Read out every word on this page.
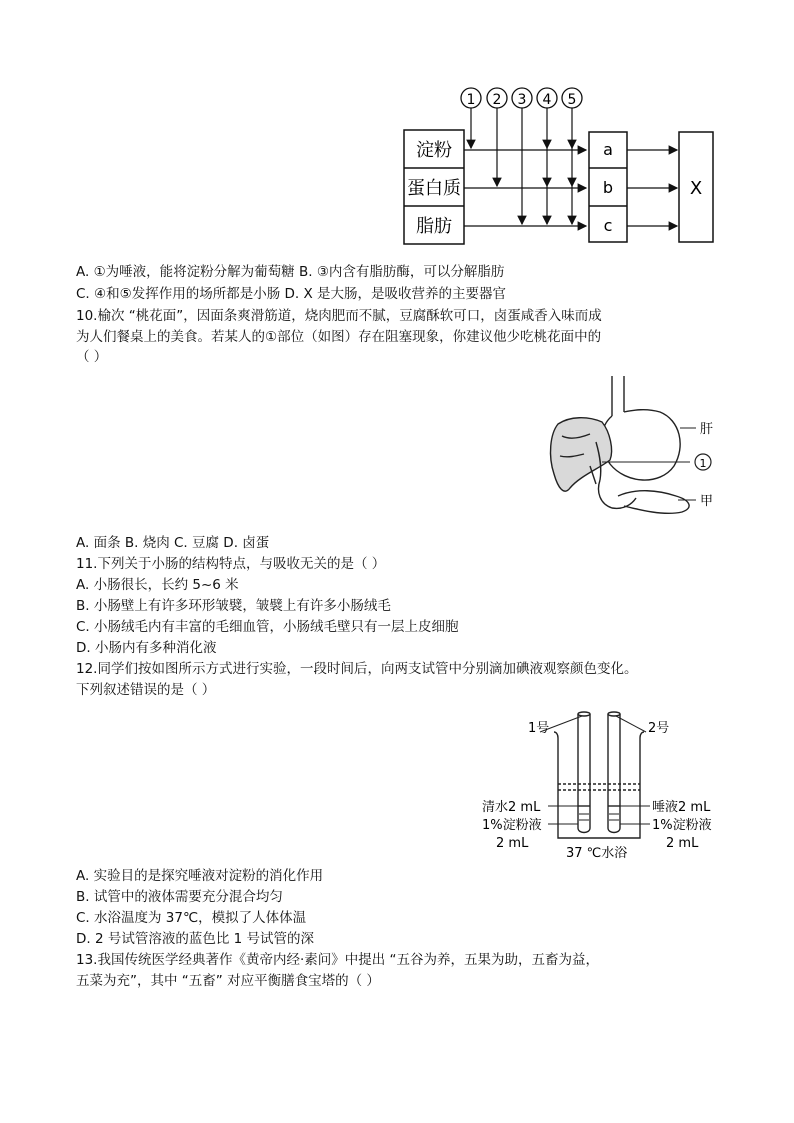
1 2 3 4 5
淀粉
蛋白质
脂肪
a
b
c
X
A. ①为唾液，能将淀粉分解为葡萄糖 B. ③内含有脂肪酶，可以分解脂肪
C. ④和⑤发挥作用的场所都是小肠 D. X 是大肠，是吸收营养的主要器官
10.榆次 “桃花面”，因面条爽滑筋道，烧肉肥而不腻，豆腐酥软可口，卤蛋咸香入味而成
为人们餐桌上的美食。若某人的①部位（如图）存在阻塞现象，你建议他少吃桃花面中的
（ ）
肝
1
甲
A. 面条 B. 烧肉 C. 豆腐 D. 卤蛋
11.下列关于小肠的结构特点，与吸收无关的是（ ）
A. 小肠很长，长约 5~6 米
B. 小肠壁上有许多环形皱襞，皱襞上有许多小肠绒毛
C. 小肠绒毛内有丰富的毛细血管，小肠绒毛壁只有一层上皮细胞
D. 小肠内有多种消化液
12.同学们按如图所示方式进行实验，一段时间后，向两支试管中分别滴加碘液观察颜色变化。
下列叙述错误的是（ ）
1号	2号
清水2 mL
1%淀粉液
2 mL
唾液2 mL
1%淀粉液
2 mL
37 ℃水浴
A. 实验目的是探究唾液对淀粉的消化作用
B. 试管中的液体需要充分混合均匀
C. 水浴温度为 37℃，模拟了人体体温
D. 2 号试管溶液的蓝色比 1 号试管的深
13.我国传统医学经典著作《黄帝内经·素问》中提出 “五谷为养，五果为助，五畜为益，
五菜为充”，其中 “五畜” 对应平衡膳食宝塔的（ ）
